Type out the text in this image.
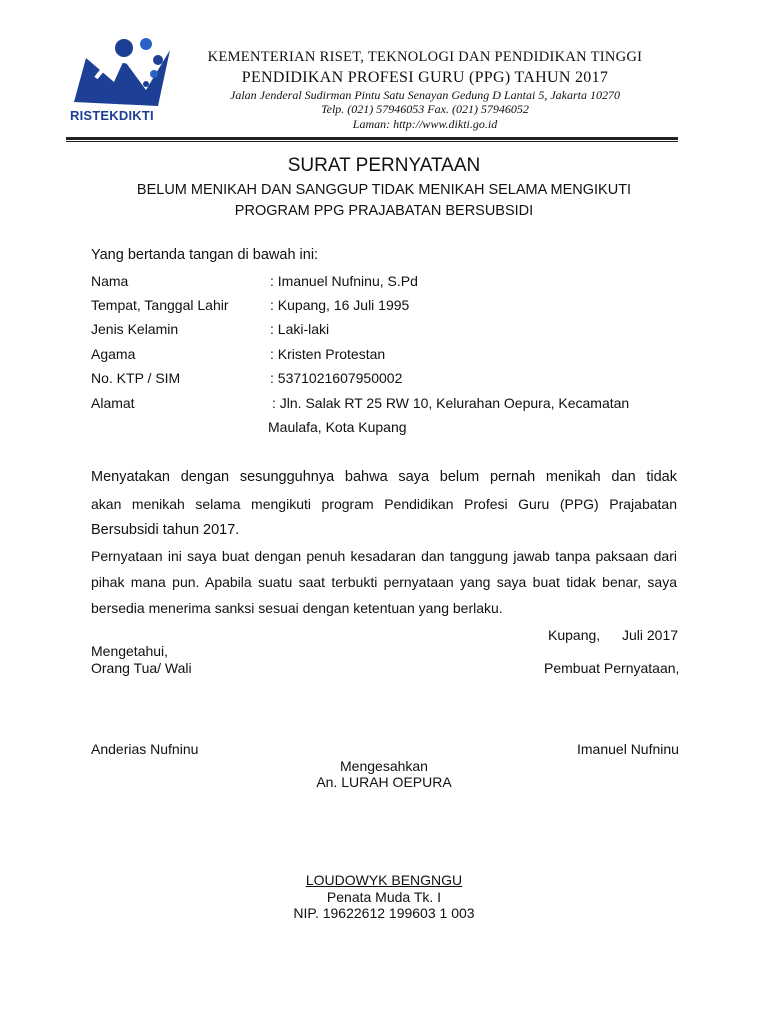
RISTEKDIKTI
KEMENTERIAN RISET, TEKNOLOGI DAN PENDIDIKAN TINGGI
PENDIDIKAN PROFESI GURU (PPG) TAHUN 2017
Jalan Jenderal Sudirman Pintu Satu Senayan Gedung D Lantai 5, Jakarta 10270
Telp. (021) 57946053 Fax. (021) 57946052
Laman: http://www.dikti.go.id
SURAT PERNYATAAN
BELUM MENIKAH DAN SANGGUP TIDAK MENIKAH SELAMA MENGIKUTI
PROGRAM PPG PRAJABATAN BERSUBSIDI
Yang bertanda tangan di bawah ini:
Nama	: Imanuel Nufninu, S.Pd
Tempat, Tanggal Lahir	: Kupang, 16 Juli 1995
Jenis Kelamin	: Laki-laki
Agama	: Kristen Protestan
No. KTP / SIM	: 5371021607950002
Alamat	: Jln. Salak RT 25 RW 10, Kelurahan Oepura, Kecamatan
Maulafa, Kota Kupang
Menyatakan dengan sesungguhnya bahwa saya belum pernah menikah dan tidak
akan menikah selama mengikuti program Pendidikan Profesi Guru (PPG) Prajabatan
Bersubsidi tahun 2017.
Pernyataan ini saya buat dengan penuh kesadaran dan tanggung jawab tanpa paksaan dari
pihak mana pun. Apabila suatu saat terbukti pernyataan yang saya buat tidak benar, saya
bersedia menerima sanksi sesuai dengan ketentuan yang berlaku.
Kupang, Juli 2017
Mengetahui,
Orang Tua/ Wali	Pembuat Pernyataan,
Anderias Nufninu	Imanuel Nufninu
Mengesahkan
An. LURAH OEPURA
LOUDOWYK BENGNGU
Penata Muda Tk. I
NIP. 19622612 199603 1 003
